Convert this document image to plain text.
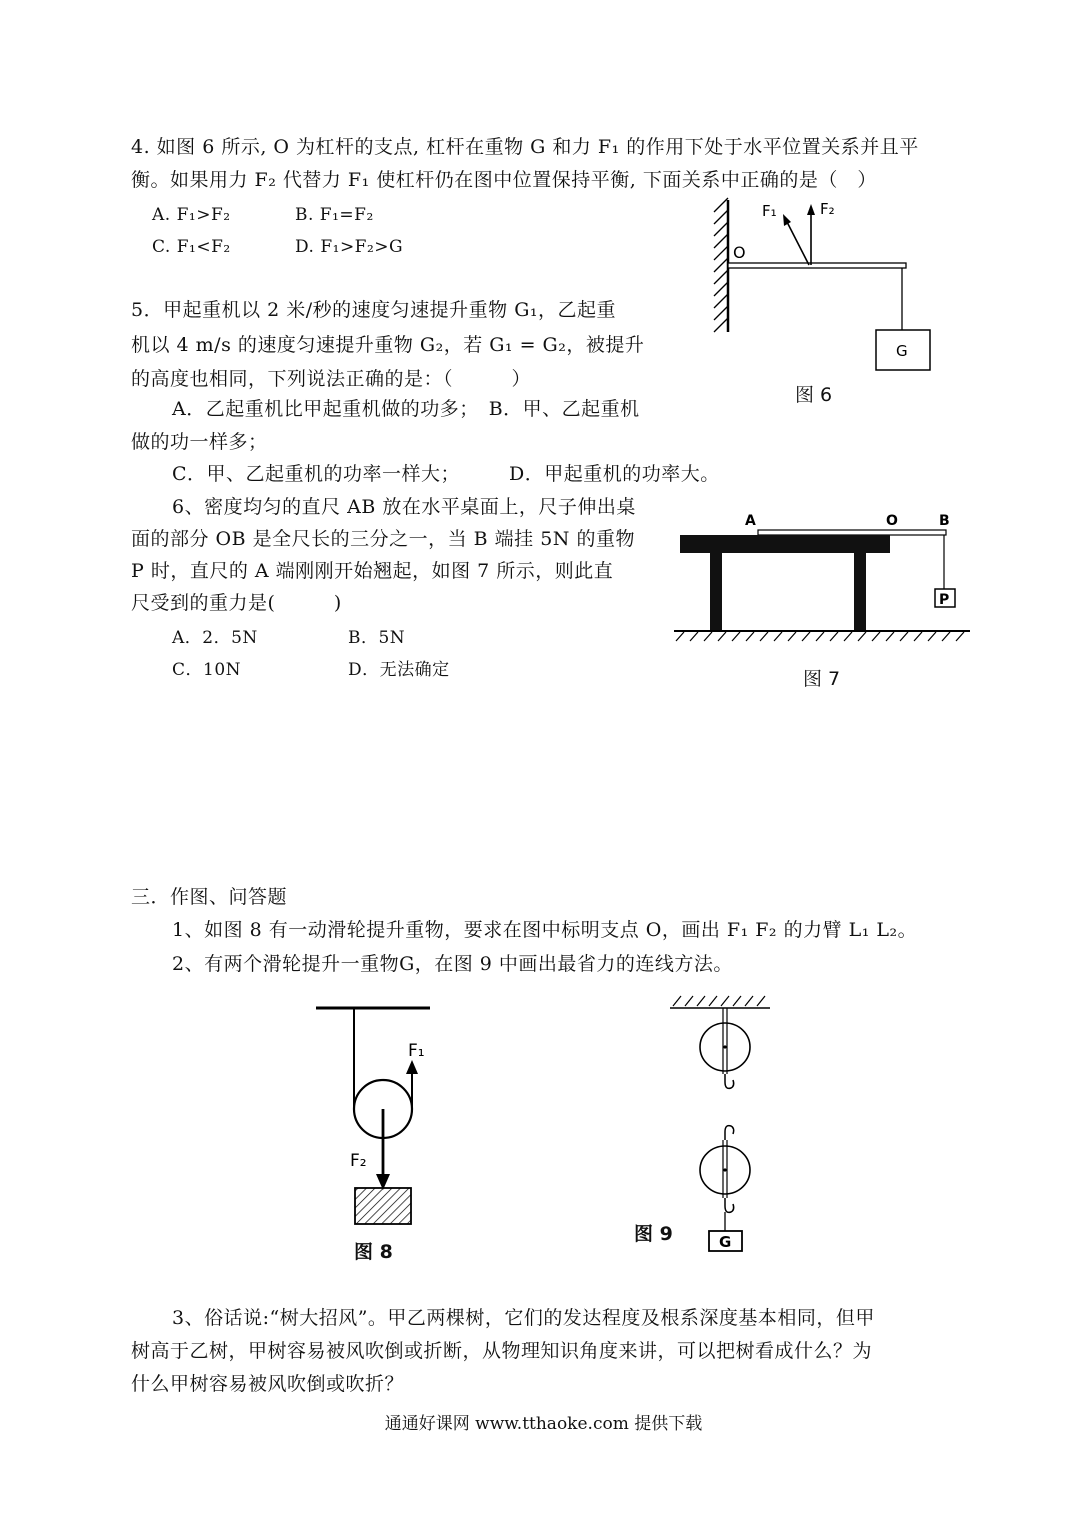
4. 如图 6 所示, O 为杠杆的支点, 杠杆在重物 G 和力 F₁ 的作用下处于水平位置关系并且平
衡。如果用力 F₂ 代替力 F₁ 使杠杆仍在图中位置保持平衡, 下面关系中正确的是（　）
A. F₁>F₂	B. F₁=F₂
C. F₁<F₂	D. F₁>F₂>G	O
F₁	F₂
G
图 6
5．甲起重机以 2 米/秒的速度匀速提升重物 G₁，乙起重
机以 4 m/s 的速度匀速提升重物 G₂，若 G₁ = G₂，被提升
的高度也相同，下列说法正确的是：（　　　）
A．乙起重机比甲起重机做的功多；　B．甲、乙起重机
做的功一样多；
C．甲、乙起重机的功率一样大；　　　D．甲起重机的功率大。
6、密度均匀的直尺 AB 放在水平桌面上，尺子伸出桌
面的部分 OB 是全尺长的三分之一，当 B 端挂 5N 的重物
P 时，直尺的 A 端刚刚开始翘起，如图 7 所示，则此直
尺受到的重力是(　　　)
A．2．5N	B．5N
C．10N	D．无法确定
A	O	B
P
图 7
三．作图、问答题
1、如图 8 有一动滑轮提升重物，要求在图中标明支点 O，画出 F₁ F₂ 的力臂 L₁ L₂。
2、有两个滑轮提升一重物G，在图 9 中画出最省力的连线方法。
F₁
F₂
图 8	G
图 9
3、俗话说:“树大招风”。甲乙两棵树，它们的发达程度及根系深度基本相同，但甲
树高于乙树，甲树容易被风吹倒或折断，从物理知识角度来讲，可以把树看成什么？为
什么甲树容易被风吹倒或吹折？
通通好课网 www.tthaoke.com 提供下载
